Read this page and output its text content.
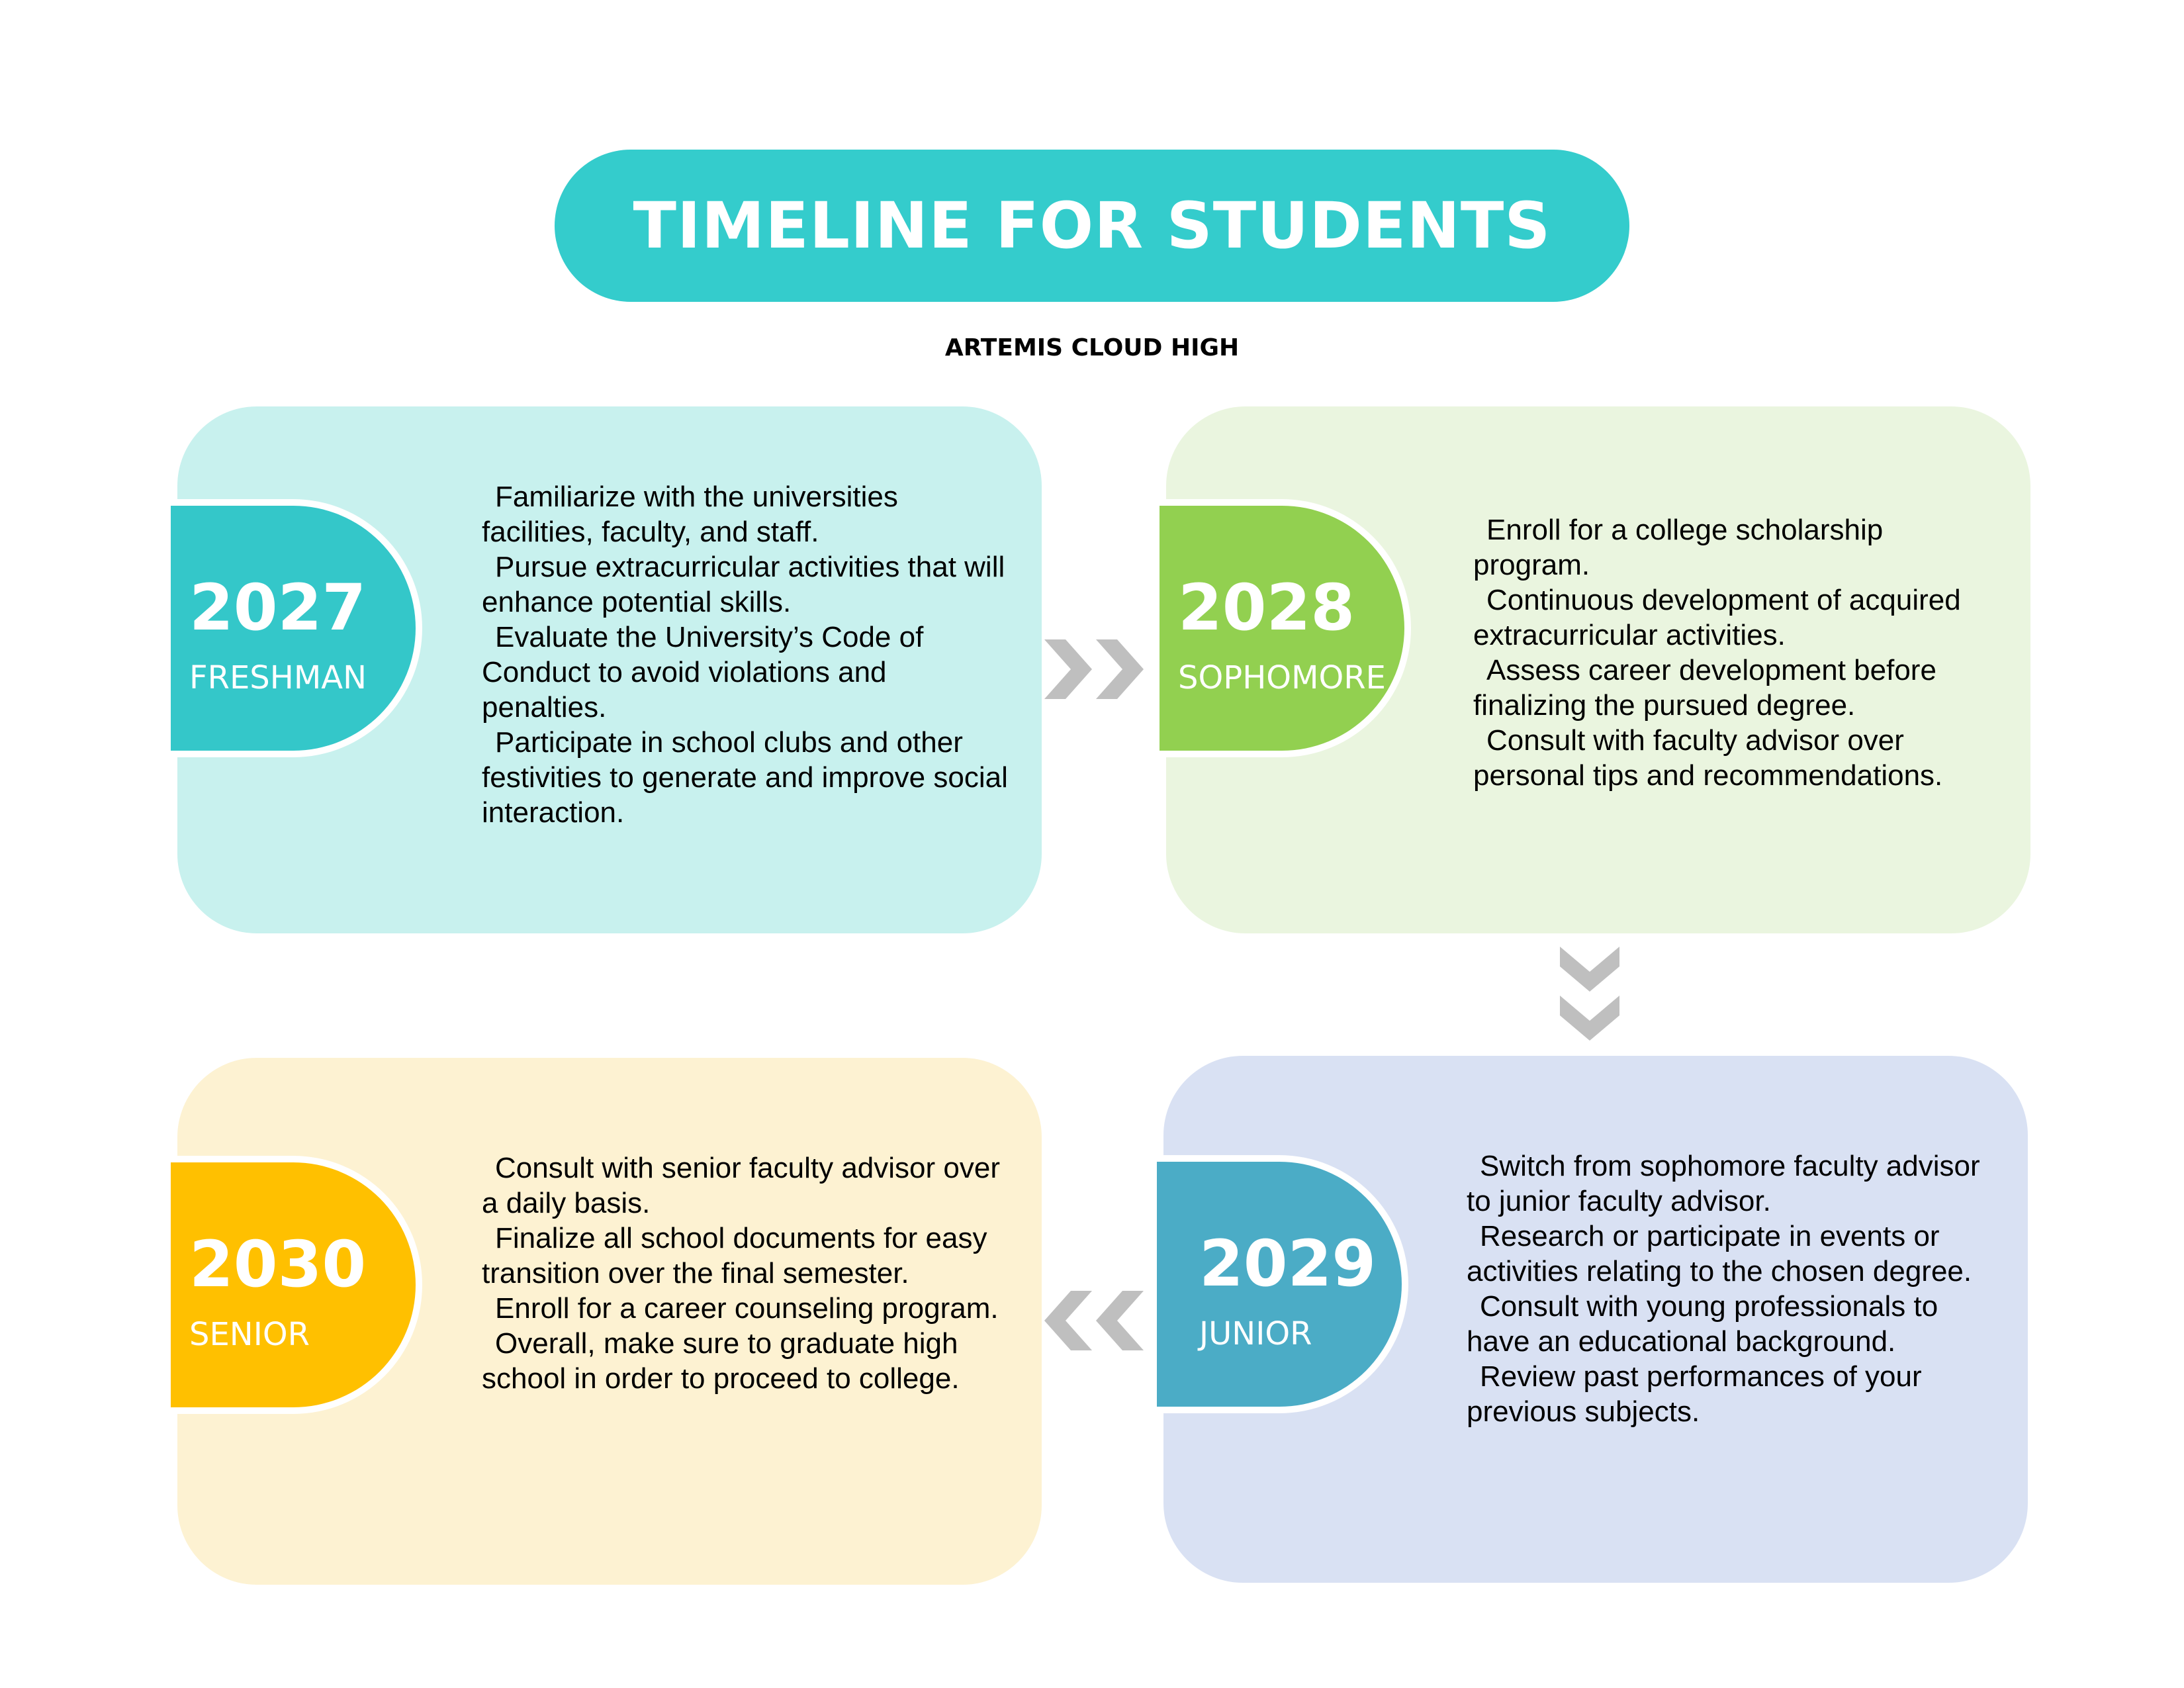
TIMELINE FOR STUDENTS
ARTEMIS CLOUD HIGH
2027
FRESHMAN

Familiarize with the universities facilities, faculty, and staff.

Pursue extracurricular activities that will enhance potential skills.

Evaluate the University’s Code of Conduct to avoid violations and penalties.

Participate in school clubs and other festivities to generate and improve social interaction.

2028
SOPHOMORE

Enroll for a college scholarship program.

Continuous development of acquired extracurricular activities.

Assess career development before finalizing the pursued degree.

Consult with faculty advisor over personal tips and recommendations.

2029
JUNIOR

Switch from sophomore faculty advisor to junior faculty advisor.

Research or participate in events or activities relating to the chosen degree.

Consult with young professionals to have an educational background.

Review past performances of your previous subjects.

2030
SENIOR

Consult with senior faculty advisor over a daily basis.

Finalize all school documents for easy transition over the final semester.

Enroll for a career counseling program.

Overall, make sure to graduate high school in order to proceed to college.
